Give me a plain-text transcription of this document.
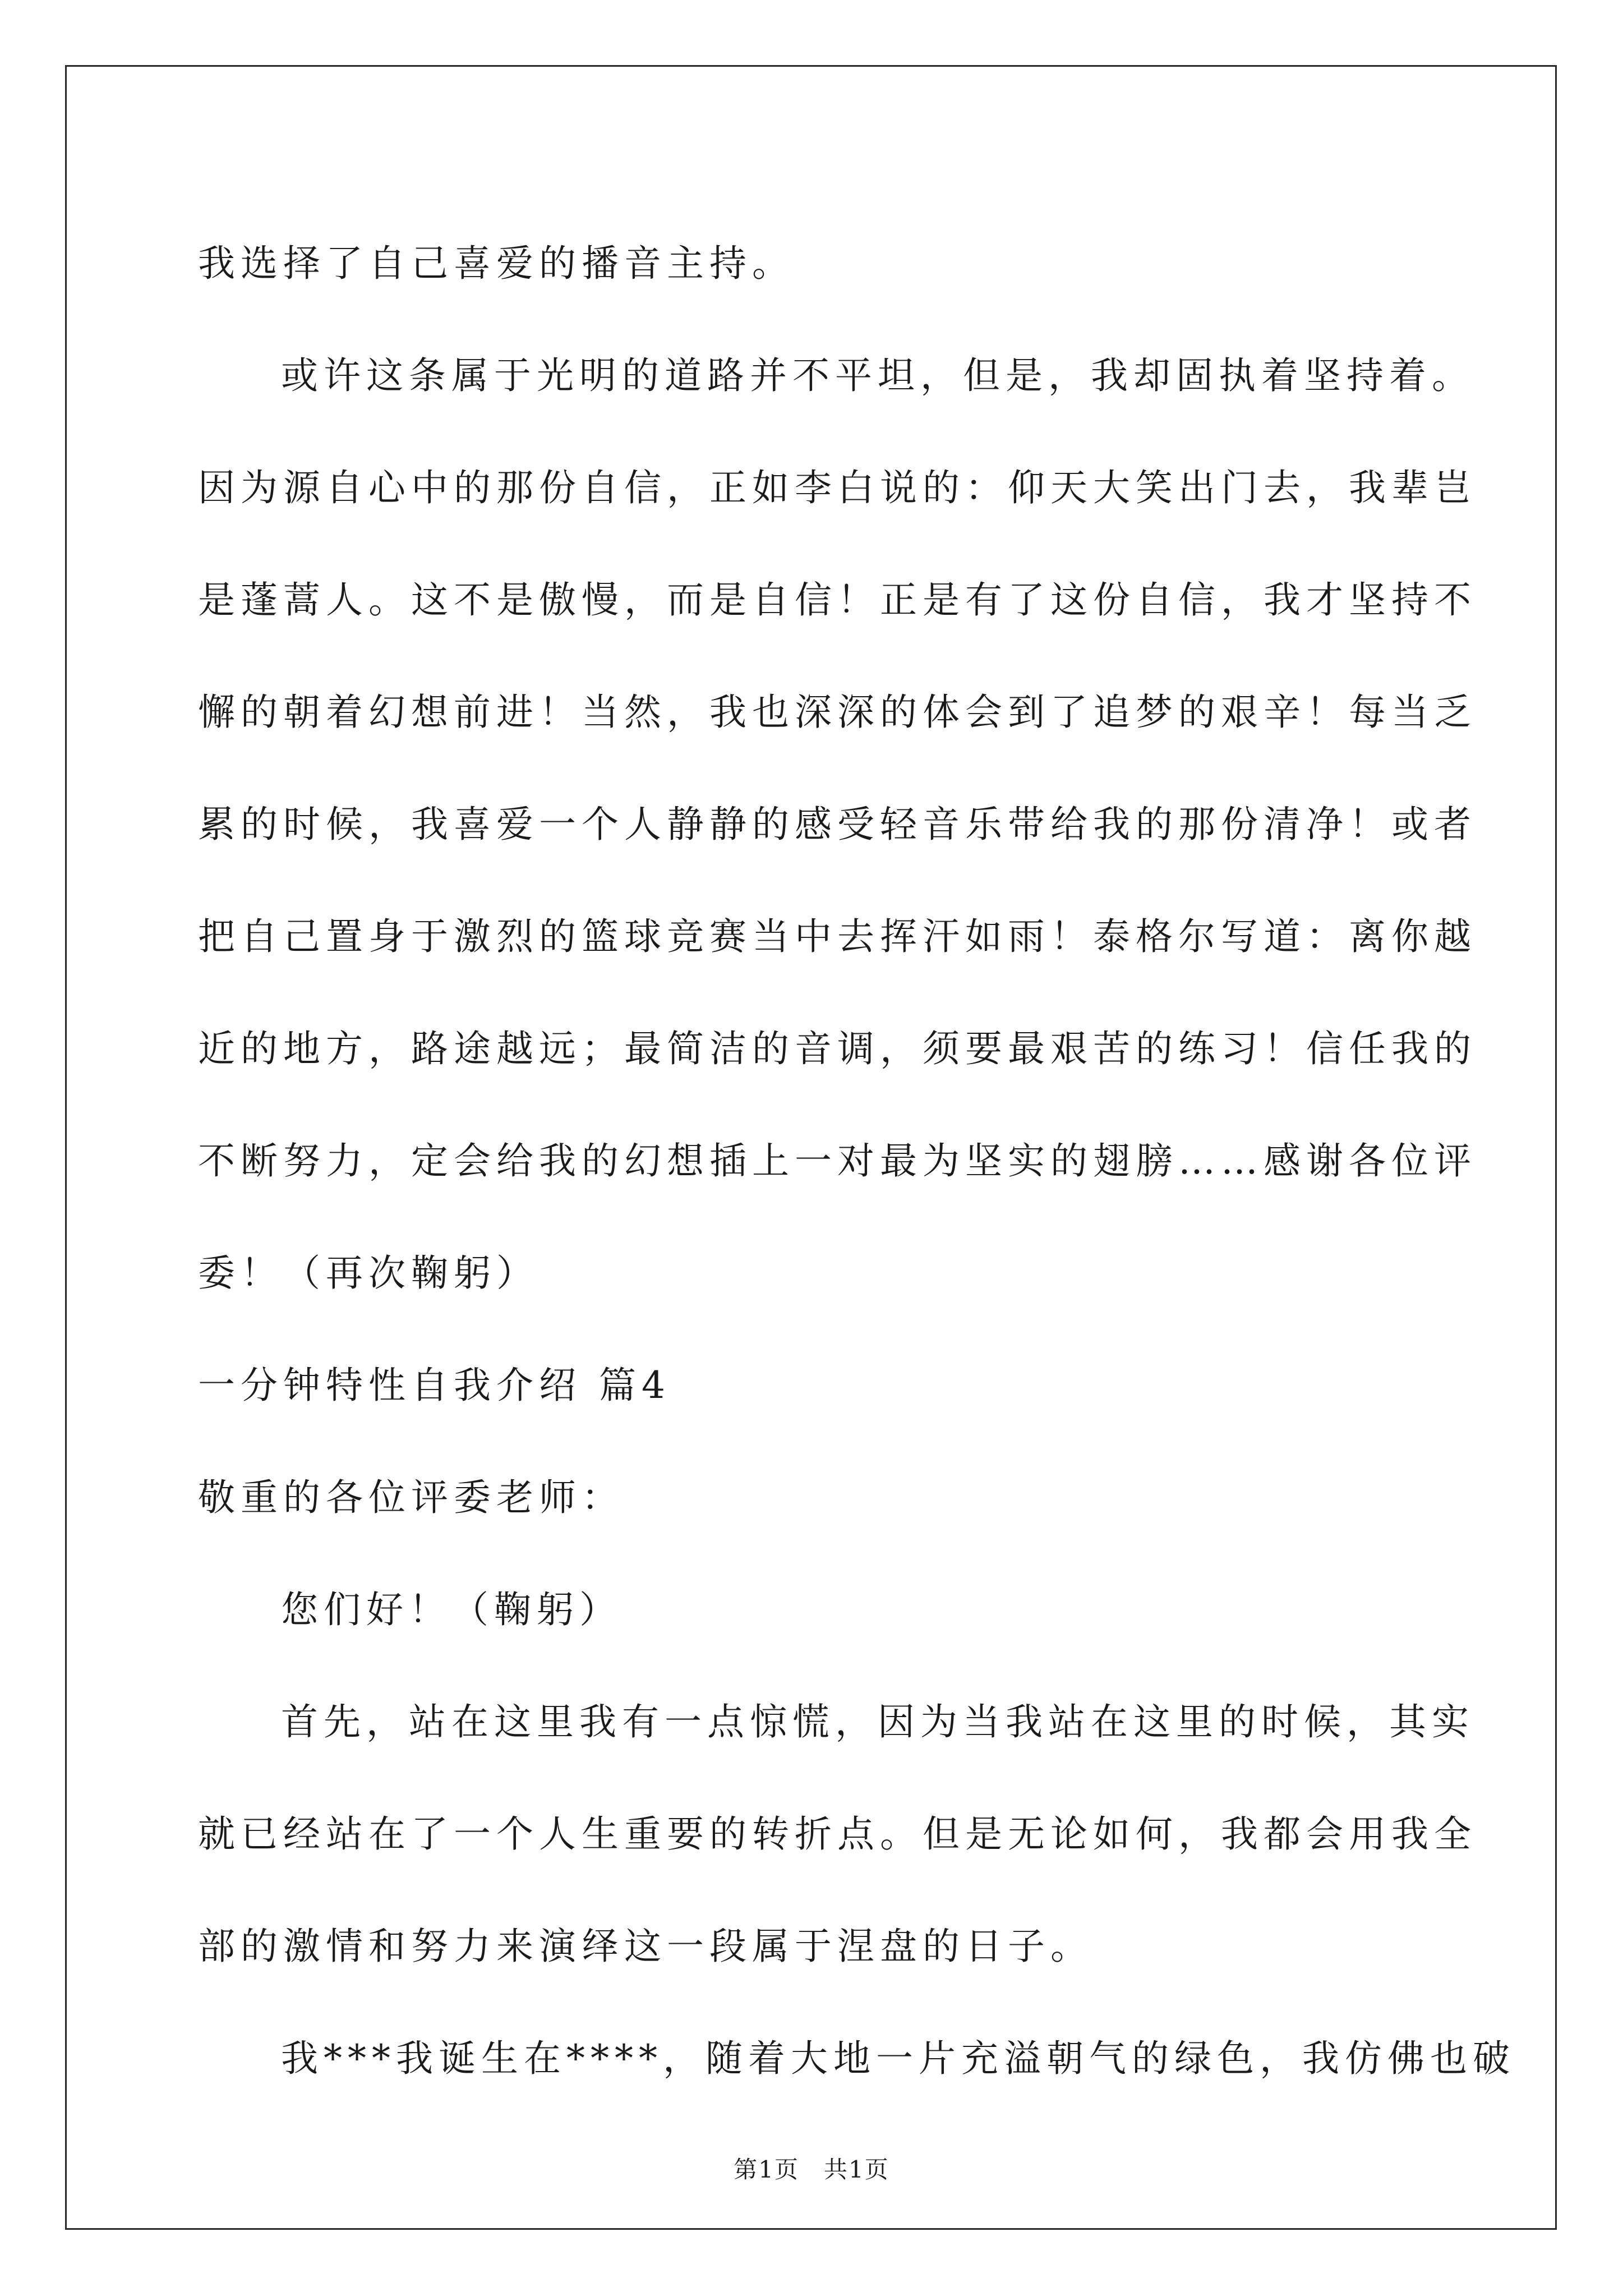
我选择了自己喜爱的播音主持。
或许这条属于光明的道路并不平坦，但是，我却固执着坚持着。
因为源自心中的那份自信，正如李白说的：仰天大笑出门去，我辈岂
是蓬蒿人。这不是傲慢，而是自信！正是有了这份自信，我才坚持不
懈的朝着幻想前进！当然，我也深深的体会到了追梦的艰辛！每当乏
累的时候，我喜爱一个人静静的感受轻音乐带给我的那份清净！或者
把自己置身于激烈的篮球竞赛当中去挥汗如雨！泰格尔写道：离你越
近的地方，路途越远；最简洁的音调，须要最艰苦的练习！信任我的
不断努力，定会给我的幻想插上一对最为坚实的翅膀……感谢各位评
委！（再次鞠躬）
一分钟特性自我介绍 篇4
敬重的各位评委老师：
您们好！（鞠躬）
首先，站在这里我有一点惊慌，因为当我站在这里的时候，其实
就已经站在了一个人生重要的转折点。但是无论如何，我都会用我全
部的激情和努力来演绎这一段属于涅盘的日子。
我***我诞生在****，随着大地一片充溢朝气的绿色，我仿佛也破
第1页　共1页
